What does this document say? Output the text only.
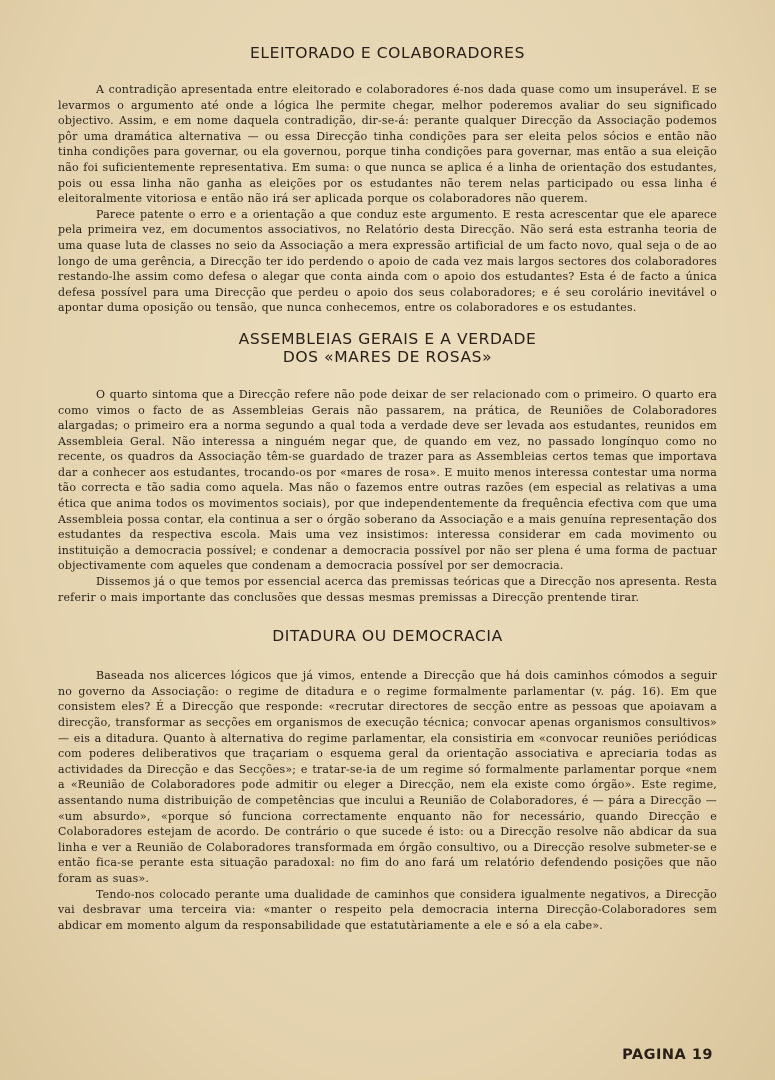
ELEITORADO E COLABORADORES

A contradição apresentada entre eleitorado e colaboradores é-nos dada quase como um insuperável. E se levarmos o argumento até onde a lógica lhe permite chegar, melhor poderemos avaliar do seu significado objectivo. Assim, e em nome daquela contradição, dir-se-á: perante qualquer Direcção da Associação podemos pôr uma dramática alternativa — ou essa Direcção tinha condições para ser eleita pelos sócios e então não tinha condições para governar, ou ela governou, porque tinha condições para governar, mas então a sua eleição não foi suficientemente representativa. Em suma: o que nunca se aplica é a linha de orientação dos estudantes, pois ou essa linha não ganha as eleições por os estudantes não terem nelas participado ou essa linha é eleitoralmente vitoriosa e então não irá ser aplicada porque os colaboradores não querem.

Parece patente o erro e a orientação a que conduz este argumento. E resta acrescentar que ele aparece pela primeira vez, em documentos associativos, no Relatório desta Direcção. Não será esta estranha teoria de uma quase luta de classes no seio da Associação a mera expressão artificial de um facto novo, qual seja o de ao longo de uma gerência, a Direcção ter ido perdendo o apoio de cada vez mais largos sectores dos colaboradores restando-lhe assim como defesa o alegar que conta ainda com o apoio dos estudantes? Esta é de facto a única defesa possível para uma Direcção que perdeu o apoio dos seus colaboradores; e é seu corolário inevitável o apontar duma oposição ou tensão, que nunca conhecemos, entre os colaboradores e os estudantes.

ASSEMBLEIAS GERAIS E A VERDADE
DOS «MARES DE ROSAS»

O quarto sintoma que a Direcção refere não pode deixar de ser relacionado com o primeiro. O quarto era como vimos o facto de as Assembleias Gerais não passarem, na prática, de Reuniões de Colaboradores alargadas; o primeiro era a norma segundo a qual toda a verdade deve ser levada aos estudantes, reunidos em Assembleia Geral. Não interessa a ninguém negar que, de quando em vez, no passado longínquo como no recente, os quadros da Associação têm-se guardado de trazer para as Assembleias certos temas que importava dar a conhecer aos estudantes, trocando-os por «mares de rosa». E muito menos interessa contestar uma norma tão correcta e tão sadia como aquela. Mas não o fazemos entre outras razões (em especial as relativas a uma ética que anima todos os movimentos sociais), por que independentemente da frequência efectiva com que uma Assembleia possa contar, ela continua a ser o órgão soberano da Associação e a mais genuína representação dos estudantes da respectiva escola. Mais uma vez insistimos: interessa considerar em cada movimento ou instituição a democracia possível; e condenar a democracia possível por não ser plena é uma forma de pactuar objectivamente com aqueles que condenam a democracia possível por ser democracia.

Dissemos já o que temos por essencial acerca das premissas teóricas que a Direcção nos apresenta. Resta referir o mais importante das conclusões que dessas mesmas premissas a Direcção prentende tirar.

DITADURA OU DEMOCRACIA

Baseada nos alicerces lógicos que já vimos, entende a Direcção que há dois caminhos cómodos a seguir no governo da Associação: o regime de ditadura e o regime formalmente parlamentar (v. pág. 16). Em que consistem eles? É a Direcção que responde: «recrutar directores de secção entre as pessoas que apoiavam a direcção, transformar as secções em organismos de execução técnica; convocar apenas organismos consultivos» — eis a ditadura. Quanto à alternativa do regime parlamentar, ela consistiria em «convocar reuniões periódicas com poderes deliberativos que traçariam o esquema geral da orientação associativa e apreciaria todas as actividades da Direcção e das Secções»; e tratar-se-ia de um regime só formalmente parlamentar porque «nem a «Reunião de Colaboradores pode admitir ou eleger a Direcção, nem ela existe como órgão». Este regime, assentando numa distribuição de competências que incului a Reunião de Colaboradores, é — pára a Direcção — «um absurdo», «porque só funciona correctamente enquanto não for necessário, quando Direcção e Colaboradores estejam de acordo. De contrário o que sucede é isto: ou a Direcção resolve não abdicar da sua linha e ver a Reunião de Colaboradores transformada em órgão consultivo, ou a Direcção resolve submeter-se e então fica-se perante esta situação paradoxal: no fim do ano fará um relatório defendendo posições que não foram as suas».

Tendo-nos colocado perante uma dualidade de caminhos que considera igualmente negativos, a Direcção vai desbravar uma terceira via: «manter o respeito pela democracia interna Direcção-Colaboradores sem abdicar em momento algum da responsabilidade que estatutàriamente a ele e só a ela cabe».

PAGINA 19
